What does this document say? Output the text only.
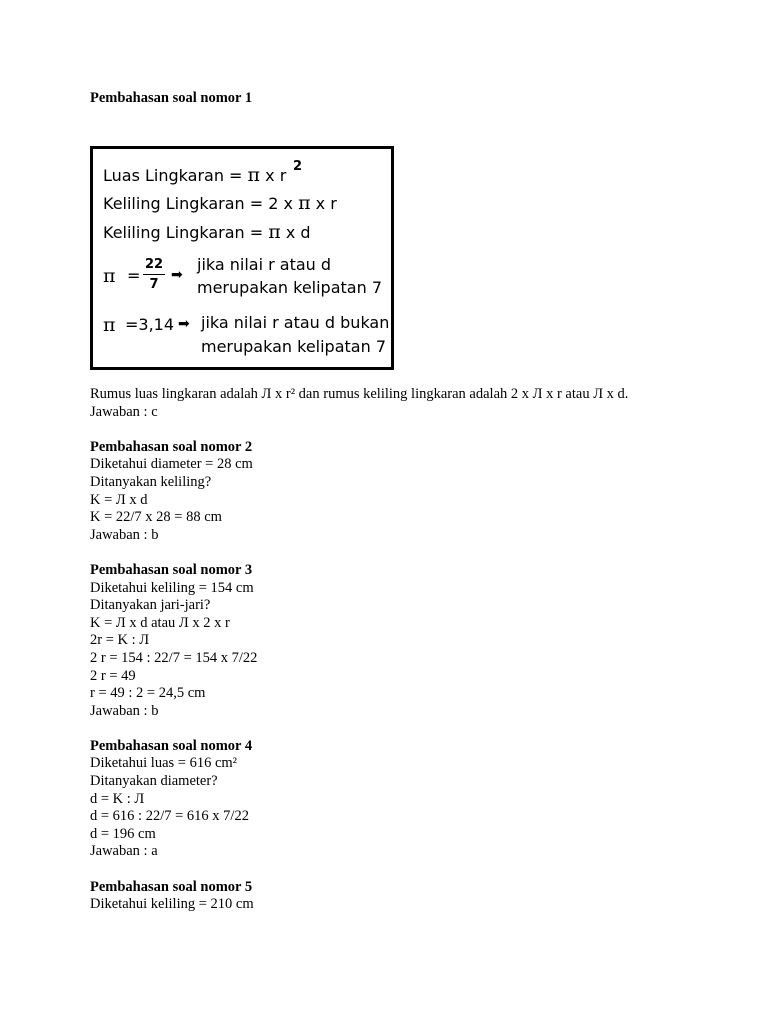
Pembahasan soal nomor 1

Luas Lingkaran = π x r 2
Keliling Lingkaran = 2 x π x r
Keliling Lingkaran = π x d
π =
22
7
➡
jika nilai r atau d
merupakan kelipatan 7
π =3,14 ➡ jika nilai r atau d bukan
merupakan kelipatan 7

Rumus luas lingkaran adalah Л x r² dan rumus keliling lingkaran adalah 2 x Л x r atau Л x d.

Jawaban : c

Pembahasan soal nomor 2

Diketahui diameter = 28 cm

Ditanyakan keliling?

K = Л x d

K = 22/7 x 28 = 88 cm

Jawaban : b

Pembahasan soal nomor 3

Diketahui keliling = 154 cm

Ditanyakan jari-jari?

K = Л x d atau Л x 2 x r

2r = K : Л

2 r = 154 : 22/7 = 154 x 7/22

2 r = 49

r = 49 : 2 = 24,5 cm

Jawaban : b

Pembahasan soal nomor 4

Diketahui luas = 616 cm²

Ditanyakan diameter?

d = K : Л

d = 616 : 22/7 = 616 x 7/22

d = 196 cm

Jawaban : a

Pembahasan soal nomor 5

Diketahui keliling = 210 cm
